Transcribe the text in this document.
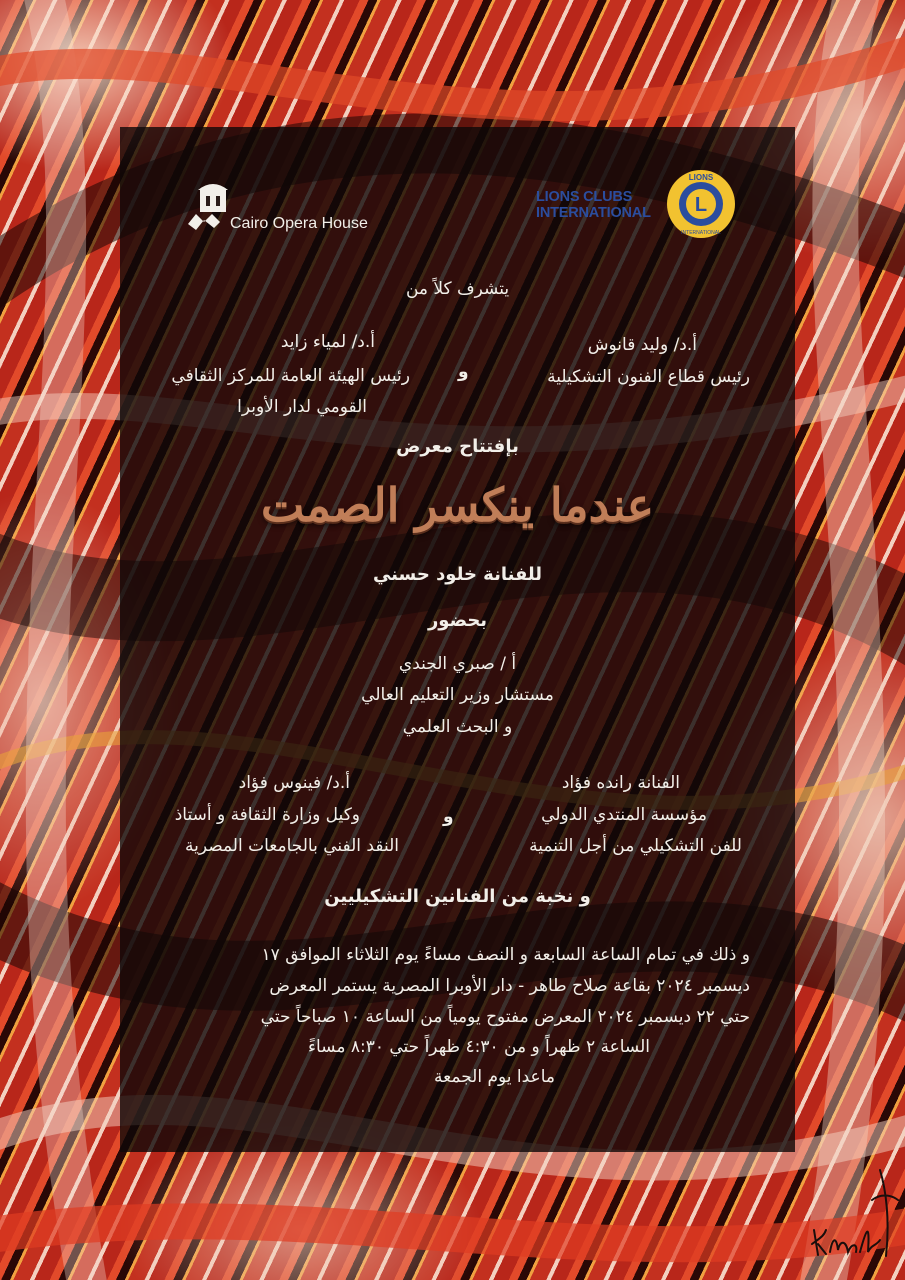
Cairo Opera House
LIONS CLUBS
INTERNATIONAL	L
LIONS
INTERNATIONAL
يتشرف كلاً من
أ.د/ وليد قانوش
رئيس قطاع الفنون التشكيلية
و
أ.د/ لمياء زايد
رئيس الهيئة العامة للمركز الثقافي
القومي لدار الأوبرا
بإفتتاح معرض
عندما ينكسر الصمت
للفنانة خلود حسني
بحضور
أ / صبري الجندي
مستشار وزير التعليم العالي
و البحث العلمي
الفنانة رانده فؤاد
مؤسسة المنتدي الدولي
للفن التشكيلي من أجل التنمية
و
أ.د/ فينوس فؤاد
وكيل وزارة الثقافة و أستاذ
النقد الفني بالجامعات المصرية
و نخبة من الفنانين التشكيليين
و ذلك في تمام الساعة السابعة و النصف مساءً يوم الثلاثاء الموافق ١٧
ديسمبر ٢٠٢٤ بقاعة صلاح طاهر - دار الأوبرا المصرية يستمر المعرض
حتي ٢٢ ديسمبر ٢٠٢٤ المعرض مفتوح يومياً من الساعة ١٠ صباحاً حتي
الساعة ٢ ظهراً و من ٤:٣٠ ظهراً حتي ٨:٣٠ مساءً
ماعدا يوم الجمعة
